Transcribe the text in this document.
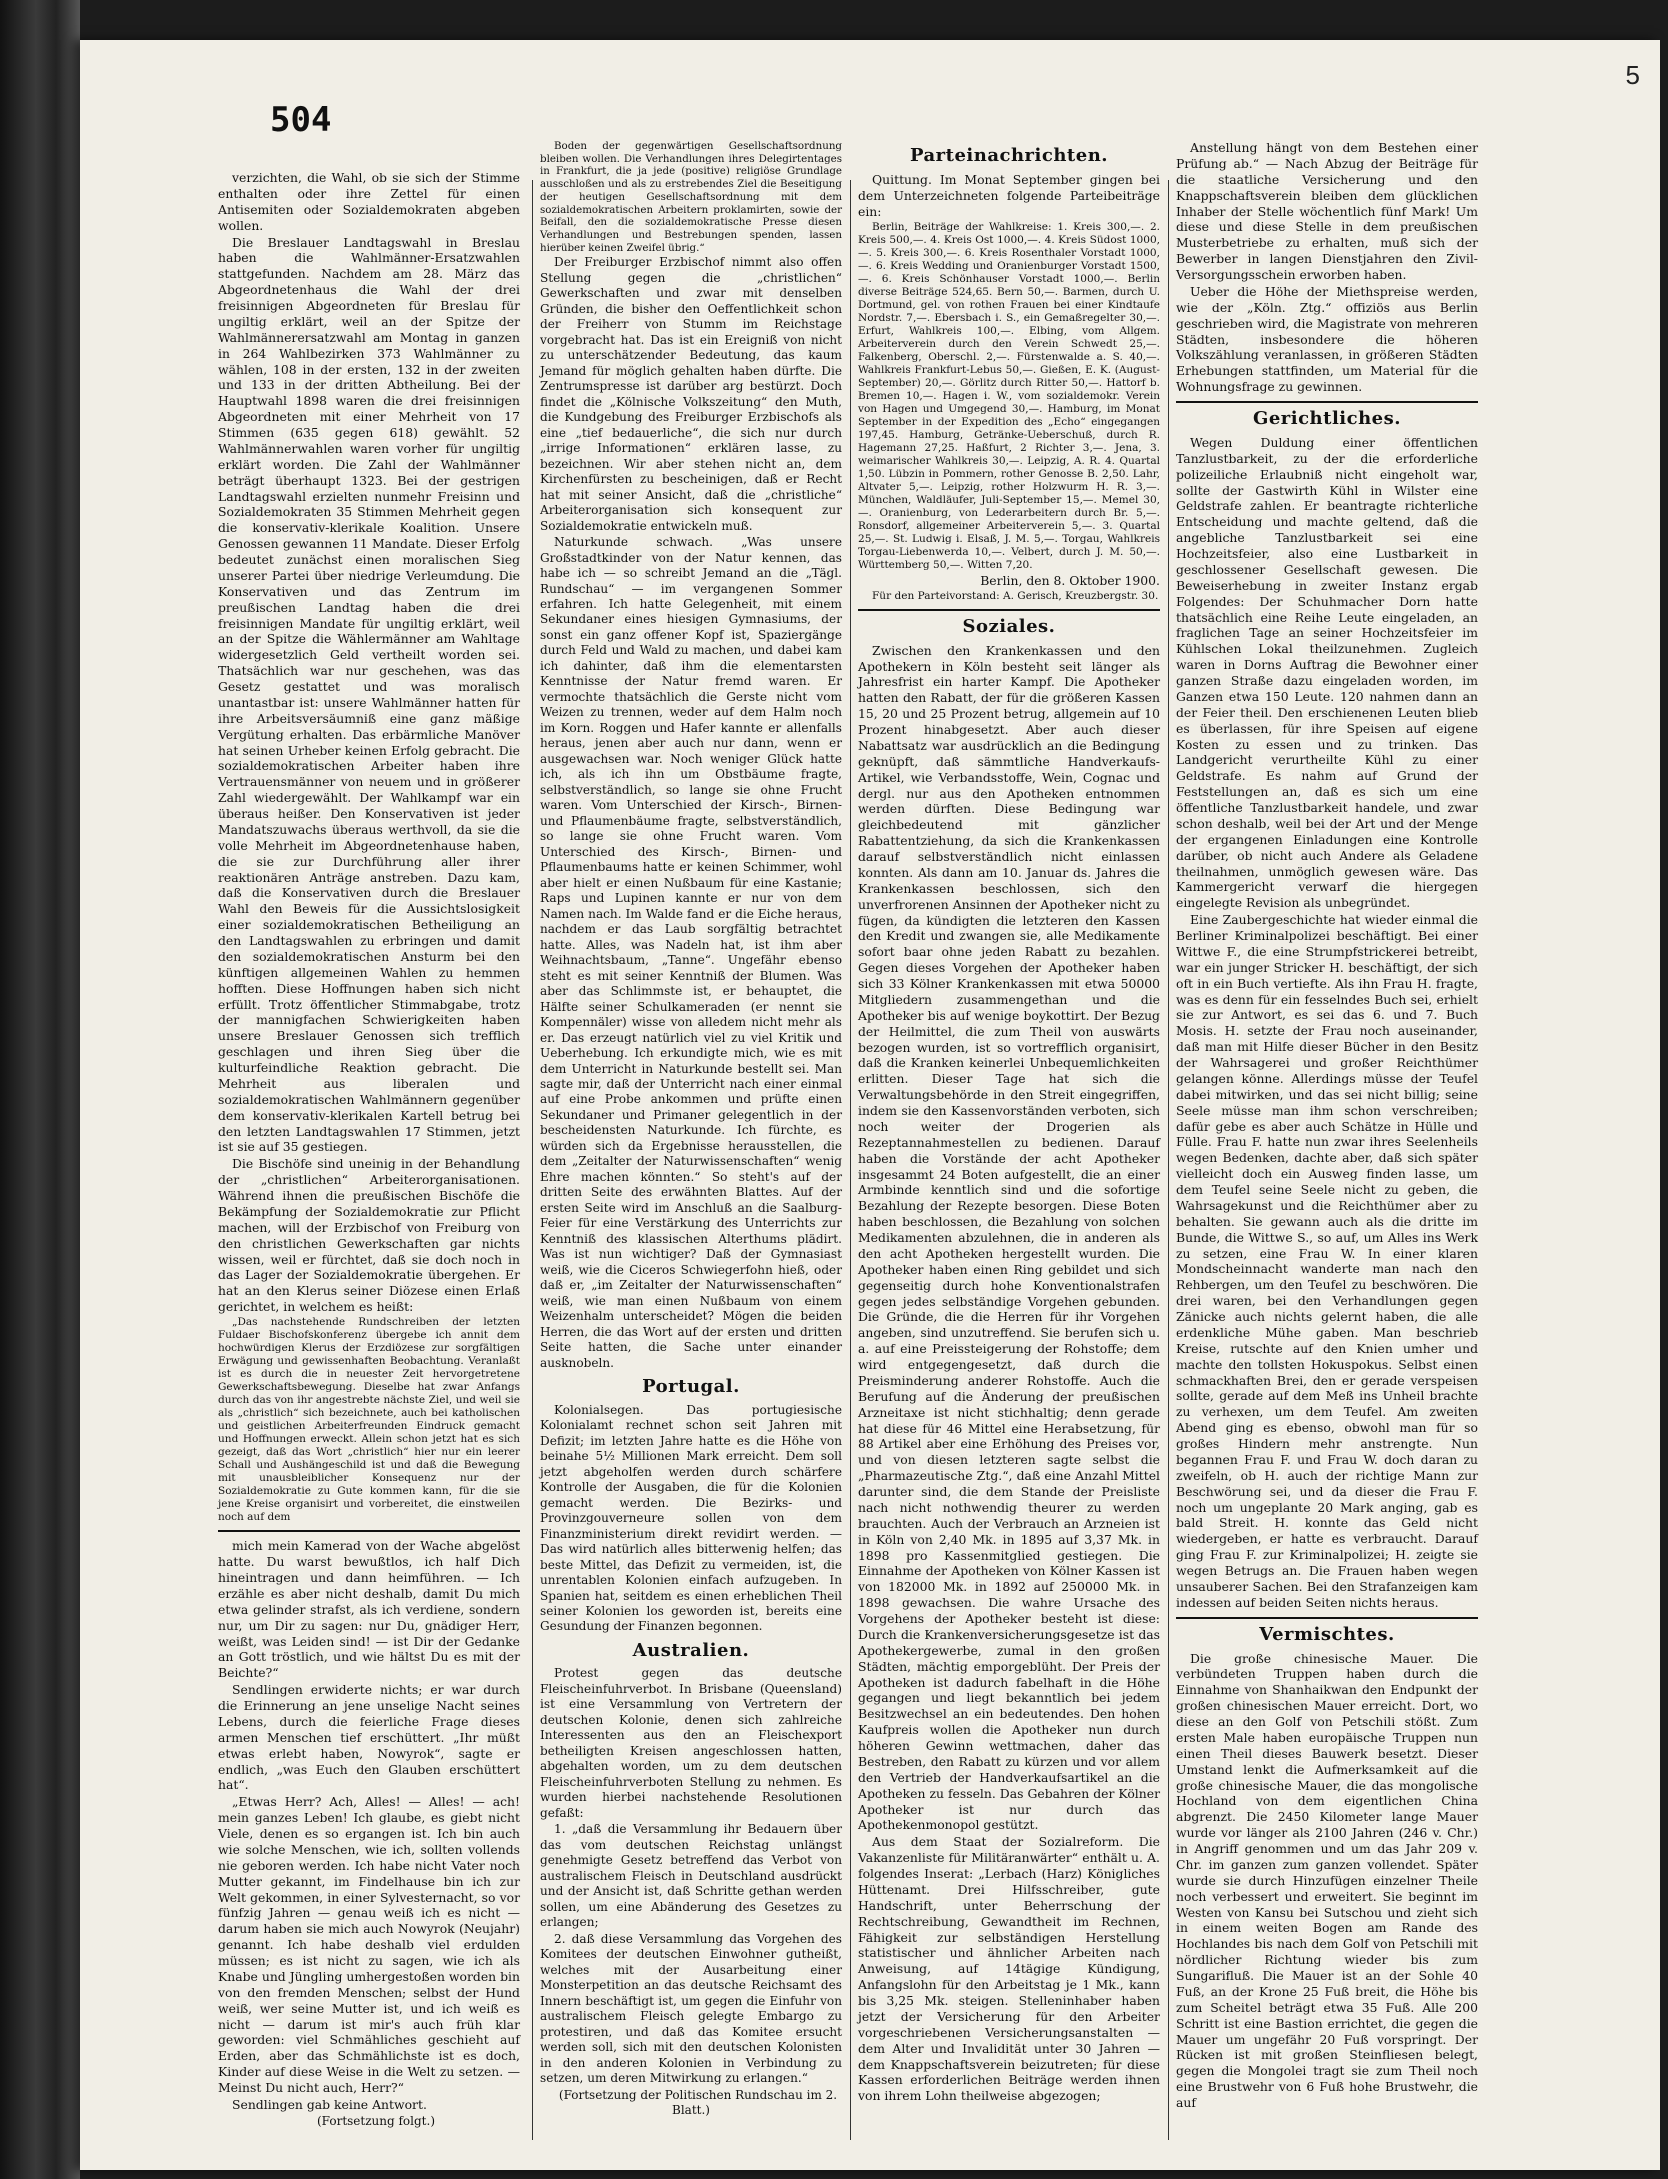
504
5

verzichten, die Wahl, ob sie sich der Stimme enthalten oder ihre Zettel für einen Antisemiten oder Sozialdemokraten abgeben wollen.

Die Breslauer Landtagswahl in Breslau haben die Wahlmänner-Ersatzwahlen stattgefunden. Nachdem am 28. März das Abgeordnetenhaus die Wahl der drei freisinnigen Abgeordneten für Breslau für ungiltig erklärt, weil an der Spitze der Wahlmännerersatzwahl am Montag in ganzen in 264 Wahlbezirken 373 Wahlmänner zu wählen, 108 in der ersten, 132 in der zweiten und 133 in der dritten Abtheilung. Bei der Hauptwahl 1898 waren die drei freisinnigen Abgeordneten mit einer Mehrheit von 17 Stimmen (635 gegen 618) gewählt. 52 Wahlmännerwahlen waren vorher für ungiltig erklärt worden. Die Zahl der Wahlmänner beträgt überhaupt 1323. Bei der gestrigen Landtagswahl erzielten nunmehr Freisinn und Sozialdemokraten 35 Stimmen Mehrheit gegen die konservativ-klerikale Koalition. Unsere Genossen gewannen 11 Mandate. Dieser Erfolg bedeutet zunächst einen moralischen Sieg unserer Partei über niedrige Verleumdung. Die Konservativen und das Zentrum im preußischen Landtag haben die drei freisinnigen Mandate für ungiltig erklärt, weil an der Spitze die Wählermänner am Wahltage widergesetzlich Geld vertheilt worden sei. Thatsächlich war nur geschehen, was das Gesetz gestattet und was moralisch unantastbar ist: unsere Wahlmänner hatten für ihre Arbeitsversäumniß eine ganz mäßige Vergütung erhalten. Das erbärmliche Manöver hat seinen Urheber keinen Erfolg gebracht. Die sozialdemokratischen Arbeiter haben ihre Vertrauensmänner von neuem und in größerer Zahl wiedergewählt. Der Wahlkampf war ein überaus heißer. Den Konservativen ist jeder Mandatszuwachs überaus werthvoll, da sie die volle Mehrheit im Abgeordnetenhause haben, die sie zur Durchführung aller ihrer reaktionären Anträge anstreben. Dazu kam, daß die Konservativen durch die Breslauer Wahl den Beweis für die Aussichtslosigkeit einer sozialdemokratischen Betheiligung an den Landtagswahlen zu erbringen und damit den sozialdemokratischen Ansturm bei den künftigen allgemeinen Wahlen zu hemmen hofften. Diese Hoffnungen haben sich nicht erfüllt. Trotz öffentlicher Stimmabgabe, trotz der mannigfachen Schwierigkeiten haben unsere Breslauer Genossen sich trefflich geschlagen und ihren Sieg über die kulturfeindliche Reaktion gebracht. Die Mehrheit aus liberalen und sozialdemokratischen Wahlmännern gegenüber dem konservativ-klerikalen Kartell betrug bei den letzten Landtagswahlen 17 Stimmen, jetzt ist sie auf 35 gestiegen.

Die Bischöfe sind uneinig in der Behandlung der „christlichen“ Arbeiterorganisationen. Während ihnen die preußischen Bischöfe die Bekämpfung der Sozialdemokratie zur Pflicht machen, will der Erzbischof von Freiburg von den christlichen Gewerkschaften gar nichts wissen, weil er fürchtet, daß sie doch noch in das Lager der Sozialdemokratie übergehen. Er hat an den Klerus seiner Diözese einen Erlaß gerichtet, in welchem es heißt:

„Das nachstehende Rundschreiben der letzten Fuldaer Bischofskonferenz übergebe ich annit dem hochwürdigen Klerus der Erzdiözese zur sorgfältigen Erwägung und gewissenhaften Beobachtung. Veranlaßt ist es durch die in neuester Zeit hervorgetretene Gewerkschaftsbewegung. Dieselbe hat zwar Anfangs durch das von ihr angestrebte nächste Ziel, und weil sie als „christlich“ sich bezeichnete, auch bei katholischen und geistlichen Arbeiterfreunden Eindruck gemacht und Hoffnungen erweckt. Allein schon jetzt hat es sich gezeigt, daß das Wort „christlich“ hier nur ein leerer Schall und Aushängeschild ist und daß die Bewegung mit unausbleiblicher Konsequenz nur der Sozialdemokratie zu Gute kommen kann, für die sie jene Kreise organisirt und vorbereitet, die einstweilen noch auf dem

mich mein Kamerad von der Wache abgelöst hatte. Du warst bewußtlos, ich half Dich hineintragen und dann heimführen. — Ich erzähle es aber nicht deshalb, damit Du mich etwa gelinder strafst, als ich verdiene, sondern nur, um Dir zu sagen: nur Du, gnädiger Herr, weißt, was Leiden sind! — ist Dir der Gedanke an Gott tröstlich, und wie hältst Du es mit der Beichte?“

Sendlingen erwiderte nichts; er war durch die Erinnerung an jene unselige Nacht seines Lebens, durch die feierliche Frage dieses armen Menschen tief erschüttert. „Ihr müßt etwas erlebt haben, Nowyrok“, sagte er endlich, „was Euch den Glauben erschüttert hat“.

„Etwas Herr? Ach, Alles! — Alles! — ach! mein ganzes Leben! Ich glaube, es giebt nicht Viele, denen es so ergangen ist. Ich bin auch wie solche Menschen, wie ich, sollten vollends nie geboren werden. Ich habe nicht Vater noch Mutter gekannt, im Findelhause bin ich zur Welt gekommen, in einer Sylvesternacht, so vor fünfzig Jahren — genau weiß ich es nicht — darum haben sie mich auch Nowyrok (Neujahr) genannt. Ich habe deshalb viel erdulden müssen; es ist nicht zu sagen, wie ich als Knabe und Jüngling umhergestoßen worden bin von den fremden Menschen; selbst der Hund weiß, wer seine Mutter ist, und ich weiß es nicht — darum ist mir's auch früh klar geworden: viel Schmähliches geschieht auf Erden, aber das Schmählichste ist es doch, Kinder auf diese Weise in die Welt zu setzen. — Meinst Du nicht auch, Herr?“

Sendlingen gab keine Antwort.

(Fortsetzung folgt.)

Boden der gegenwärtigen Gesellschaftsordnung bleiben wollen. Die Verhandlungen ihres Delegirtentages in Frankfurt, die ja jede (positive) religiöse Grundlage ausschloßen und als zu erstrebendes Ziel die Beseitigung der heutigen Gesellschaftsordnung mit dem sozialdemokratischen Arbeitern proklamirten, sowie der Beifall, den die sozialdemokratische Presse diesen Verhandlungen und Bestrebungen spenden, lassen hierüber keinen Zweifel übrig.“

Der Freiburger Erzbischof nimmt also offen Stellung gegen die „christlichen“ Gewerkschaften und zwar mit denselben Gründen, die bisher den Oeffentlichkeit schon der Freiherr von Stumm im Reichstage vorgebracht hat. Das ist ein Ereigniß von nicht zu unterschätzender Bedeutung, das kaum Jemand für möglich gehalten haben dürfte. Die Zentrumspresse ist darüber arg bestürzt. Doch findet die „Kölnische Volkszeitung“ den Muth, die Kundgebung des Freiburger Erzbischofs als eine „tief bedauerliche“, die sich nur durch „irrige Informationen“ erklären lasse, zu bezeichnen. Wir aber stehen nicht an, dem Kirchenfürsten zu bescheinigen, daß er Recht hat mit seiner Ansicht, daß die „christliche“ Arbeiterorganisation sich konsequent zur Sozialdemokratie entwickeln muß.

Naturkunde schwach. „Was unsere Großstadtkinder von der Natur kennen, das habe ich — so schreibt Jemand an die „Tägl. Rundschau“ — im vergangenen Sommer erfahren. Ich hatte Gelegenheit, mit einem Sekundaner eines hiesigen Gymnasiums, der sonst ein ganz offener Kopf ist, Spaziergänge durch Feld und Wald zu machen, und dabei kam ich dahinter, daß ihm die elementarsten Kenntnisse der Natur fremd waren. Er vermochte thatsächlich die Gerste nicht vom Weizen zu trennen, weder auf dem Halm noch im Korn. Roggen und Hafer kannte er allenfalls heraus, jenen aber auch nur dann, wenn er ausgewachsen war. Noch weniger Glück hatte ich, als ich ihn um Obstbäume fragte, selbstverständlich, so lange sie ohne Frucht waren. Vom Unterschied der Kirsch-, Birnen- und Pflaumenbäume fragte, selbstverständlich, so lange sie ohne Frucht waren. Vom Unterschied des Kirsch-, Birnen- und Pflaumenbaums hatte er keinen Schimmer, wohl aber hielt er einen Nußbaum für eine Kastanie; Raps und Lupinen kannte er nur von dem Namen nach. Im Walde fand er die Eiche heraus, nachdem er das Laub sorgfältig betrachtet hatte. Alles, was Nadeln hat, ist ihm aber Weihnachtsbaum, „Tanne“. Ungefähr ebenso steht es mit seiner Kenntniß der Blumen. Was aber das Schlimmste ist, er behauptet, die Hälfte seiner Schulkameraden (er nennt sie Kompennäler) wisse von alledem nicht mehr als er. Das erzeugt natürlich viel zu viel Kritik und Ueberhebung. Ich erkundigte mich, wie es mit dem Unterricht in Naturkunde bestellt sei. Man sagte mir, daß der Unterricht nach einer einmal auf eine Probe ankommen und prüfte einen Sekundaner und Primaner gelegentlich in der bescheidensten Naturkunde. Ich fürchte, es würden sich da Ergebnisse herausstellen, die dem „Zeitalter der Naturwissenschaften“ wenig Ehre machen könnten.“ So steht's auf der dritten Seite des erwähnten Blattes. Auf der ersten Seite wird im Anschluß an die Saalburg-Feier für eine Verstärkung des Unterrichts zur Kenntniß des klassischen Alterthums plädirt. Was ist nun wichtiger? Daß der Gymnasiast weiß, wie die Ciceros Schwiegerfohn hieß, oder daß er, „im Zeitalter der Naturwissenschaften“ weiß, wie man einen Nußbaum von einem Weizenhalm unterscheidet? Mögen die beiden Herren, die das Wort auf der ersten und dritten Seite hatten, die Sache unter einander ausknobeln.

Portugal.

Kolonialsegen. Das portugiesische Kolonialamt rechnet schon seit Jahren mit Defizit; im letzten Jahre hatte es die Höhe von beinahe 5½ Millionen Mark erreicht. Dem soll jetzt abgeholfen werden durch schärfere Kontrolle der Ausgaben, die für die Kolonien gemacht werden. Die Bezirks- und Provinzgouverneure sollen von dem Finanzministerium direkt revidirt werden. — Das wird natürlich alles bitterwenig helfen; das beste Mittel, das Defizit zu vermeiden, ist, die unrentablen Kolonien einfach aufzugeben. In Spanien hat, seitdem es einen erheblichen Theil seiner Kolonien los geworden ist, bereits eine Gesundung der Finanzen begonnen.

Australien.

Protest gegen das deutsche Fleischeinfuhrverbot. In Brisbane (Queensland) ist eine Versammlung von Vertretern der deutschen Kolonie, denen sich zahlreiche Interessenten aus den an Fleischexport betheiligten Kreisen angeschlossen hatten, abgehalten worden, um zu dem deutschen Fleischeinfuhrverboten Stellung zu nehmen. Es wurden hierbei nachstehende Resolutionen gefaßt:

1. „daß die Versammlung ihr Bedauern über das vom deutschen Reichstag unlängst genehmigte Gesetz betreffend das Verbot von australischem Fleisch in Deutschland ausdrückt und der Ansicht ist, daß Schritte gethan werden sollen, um eine Abänderung des Gesetzes zu erlangen;

2. daß diese Versammlung das Vorgehen des Komitees der deutschen Einwohner gutheißt, welches mit der Ausarbeitung einer Monsterpetition an das deutsche Reichsamt des Innern beschäftigt ist, um gegen die Einfuhr von australischem Fleisch gelegte Embargo zu protestiren, und daß das Komitee ersucht werden soll, sich mit den deutschen Kolonisten in den anderen Kolonien in Verbindung zu setzen, um deren Mitwirkung zu erlangen.“

(Fortsetzung der Politischen Rundschau im 2. Blatt.)

Parteinachrichten.

Quittung. Im Monat September gingen bei dem Unterzeichneten folgende Parteibeiträge ein:

Berlin, Beiträge der Wahlkreise: 1. Kreis 300,—. 2. Kreis 500,—. 4. Kreis Ost 1000,—. 4. Kreis Südost 1000,—. 5. Kreis 300,—. 6. Kreis Rosenthaler Vorstadt 1000,—. 6. Kreis Wedding und Oranienburger Vorstadt 1500,—. 6. Kreis Schönhauser Vorstadt 1000,—. Berlin diverse Beiträge 524,65. Bern 50,—. Barmen, durch U. Dortmund, gel. von rothen Frauen bei einer Kindtaufe Nordstr. 7,—. Ebersbach i. S., ein Gemaßregelter 30,—. Erfurt, Wahlkreis 100,—. Elbing, vom Allgem. Arbeiterverein durch den Verein Schwedt 25,—. Falkenberg, Oberschl. 2,—. Fürstenwalde a. S. 40,—. Wahlkreis Frankfurt-Lebus 50,—. Gießen, E. K. (August-September) 20,—. Görlitz durch Ritter 50,—. Hattorf b. Bremen 10,—. Hagen i. W., vom sozialdemokr. Verein von Hagen und Umgegend 30,—. Hamburg, im Monat September in der Expedition des „Echo“ eingegangen 197,45. Hamburg, Getränke-Ueberschuß, durch R. Hagemann 27,25. Haßfurt, 2 Richter 3,—. Jena, 3. weimarischer Wahlkreis 30,—. Leipzig, A. R. 4. Quartal 1,50. Lübzin in Pommern, rother Genosse B. 2,50. Lahr, Altvater 5,—. Leipzig, rother Holzwurm H. R. 3,—. München, Waldläufer, Juli-September 15,—. Memel 30,—. Oranienburg, von Lederarbeitern durch Br. 5,—. Ronsdorf, allgemeiner Arbeiterverein 5,—. 3. Quartal 25,—. St. Ludwig i. Elsaß, J. M. 5,—. Torgau, Wahlkreis Torgau-Liebenwerda 10,—. Velbert, durch J. M. 50,—. Württemberg 50,—. Witten 7,20.

Berlin, den 8. Oktober 1900.

Für den Parteivorstand: A. Gerisch, Kreuzbergstr. 30.

Soziales.

Zwischen den Krankenkassen und den Apothekern in Köln besteht seit länger als Jahresfrist ein harter Kampf. Die Apotheker hatten den Rabatt, der für die größeren Kassen 15, 20 und 25 Prozent betrug, allgemein auf 10 Prozent hinabgesetzt. Aber auch dieser Nabattsatz war ausdrücklich an die Bedingung geknüpft, daß sämmtliche Handverkaufs-Artikel, wie Verbandsstoffe, Wein, Cognac und dergl. nur aus den Apotheken entnommen werden dürften. Diese Bedingung war gleichbedeutend mit gänzlicher Rabattentziehung, da sich die Krankenkassen darauf selbstverständlich nicht einlassen konnten. Als dann am 10. Januar ds. Jahres die Krankenkassen beschlossen, sich den unverfrorenen Ansinnen der Apotheker nicht zu fügen, da kündigten die letzteren den Kassen den Kredit und zwangen sie, alle Medikamente sofort baar ohne jeden Rabatt zu bezahlen. Gegen dieses Vorgehen der Apotheker haben sich 33 Kölner Krankenkassen mit etwa 50000 Mitgliedern zusammengethan und die Apotheker bis auf wenige boykottirt. Der Bezug der Heilmittel, die zum Theil von auswärts bezogen wurden, ist so vortrefflich organisirt, daß die Kranken keinerlei Unbequemlichkeiten erlitten. Dieser Tage hat sich die Verwaltungsbehörde in den Streit eingegriffen, indem sie den Kassenvorständen verboten, sich noch weiter der Drogerien als Rezeptannahmestellen zu bedienen. Darauf haben die Vorstände der acht Apotheker insgesammt 24 Boten aufgestellt, die an einer Armbinde kenntlich sind und die sofortige Bezahlung der Rezepte besorgen. Diese Boten haben beschlossen, die Bezahlung von solchen Medikamenten abzulehnen, die in anderen als den acht Apotheken hergestellt wurden. Die Apotheker haben einen Ring gebildet und sich gegenseitig durch hohe Konventionalstrafen gegen jedes selbständige Vorgehen gebunden. Die Gründe, die die Herren für ihr Vorgehen angeben, sind unzutreffend. Sie berufen sich u. a. auf eine Preissteigerung der Rohstoffe; dem wird entgegengesetzt, daß durch die Preisminderung anderer Rohstoffe. Auch die Berufung auf die Änderung der preußischen Arzneitaxe ist nicht stichhaltig; denn gerade hat diese für 46 Mittel eine Herabsetzung, für 88 Artikel aber eine Erhöhung des Preises vor, und von diesen letzteren sagte selbst die „Pharmazeutische Ztg.“, daß eine Anzahl Mittel darunter sind, die dem Stande der Preisliste nach nicht nothwendig theurer zu werden brauchten. Auch der Verbrauch an Arzneien ist in Köln von 2,40 Mk. in 1895 auf 3,37 Mk. in 1898 pro Kassenmitglied gestiegen. Die Einnahme der Apotheken von Kölner Kassen ist von 182000 Mk. in 1892 auf 250000 Mk. in 1898 gewachsen. Die wahre Ursache des Vorgehens der Apotheker besteht ist diese: Durch die Krankenversicherungsgesetze ist das Apothekergewerbe, zumal in den großen Städten, mächtig emporgeblüht. Der Preis der Apotheken ist dadurch fabelhaft in die Höhe gegangen und liegt bekanntlich bei jedem Besitzwechsel an ein bedeutendes. Den hohen Kaufpreis wollen die Apotheker nun durch höheren Gewinn wettmachen, daher das Bestreben, den Rabatt zu kürzen und vor allem den Vertrieb der Handverkaufsartikel an die Apotheken zu fesseln. Das Gebahren der Kölner Apotheker ist nur durch das Apothekenmonopol gestützt.

Aus dem Staat der Sozialreform. Die Vakanzenliste für Militäranwärter“ enthält u. A. folgendes Inserat: „Lerbach (Harz) Königliches Hüttenamt. Drei Hilfsschreiber, gute Handschrift, unter Beherrschung der Rechtschreibung, Gewandtheit im Rechnen, Fähigkeit zur selbständigen Herstellung statistischer und ähnlicher Arbeiten nach Anweisung, auf 14tägige Kündigung, Anfangslohn für den Arbeitstag je 1 Mk., kann bis 3,25 Mk. steigen. Stelleninhaber haben jetzt der Versicherung für den Arbeiter vorgeschriebenen Versicherungsanstalten — dem Alter und Invalidität unter 30 Jahren — dem Knappschaftsverein beizutreten; für diese Kassen erforderlichen Beiträge werden ihnen von ihrem Lohn theilweise abgezogen;

Anstellung hängt von dem Bestehen einer Prüfung ab.“ — Nach Abzug der Beiträge für die staatliche Versicherung und den Knappschaftsverein bleiben dem glücklichen Inhaber der Stelle wöchentlich fünf Mark! Um diese und diese Stelle in dem preußischen Musterbetriebe zu erhalten, muß sich der Bewerber in langen Dienstjahren den Zivil-Versorgungsschein erworben haben.

Ueber die Höhe der Miethspreise werden, wie der „Köln. Ztg.“ offiziös aus Berlin geschrieben wird, die Magistrate von mehreren Städten, insbesondere die höheren Volkszählung veranlassen, in größeren Städten Erhebungen stattfinden, um Material für die Wohnungsfrage zu gewinnen.

Gerichtliches.

Wegen Duldung einer öffentlichen Tanzlustbarkeit, zu der die erforderliche polizeiliche Erlaubniß nicht eingeholt war, sollte der Gastwirth Kühl in Wilster eine Geldstrafe zahlen. Er beantragte richterliche Entscheidung und machte geltend, daß die angebliche Tanzlustbarkeit sei eine Hochzeitsfeier, also eine Lustbarkeit in geschlossener Gesellschaft gewesen. Die Beweiserhebung in zweiter Instanz ergab Folgendes: Der Schuhmacher Dorn hatte thatsächlich eine Reihe Leute eingeladen, an fraglichen Tage an seiner Hochzeitsfeier im Kühlschen Lokal theilzunehmen. Zugleich waren in Dorns Auftrag die Bewohner einer ganzen Straße dazu eingeladen worden, im Ganzen etwa 150 Leute. 120 nahmen dann an der Feier theil. Den erschienenen Leuten blieb es überlassen, für ihre Speisen auf eigene Kosten zu essen und zu trinken. Das Landgericht verurtheilte Kühl zu einer Geldstrafe. Es nahm auf Grund der Feststellungen an, daß es sich um eine öffentliche Tanzlustbarkeit handele, und zwar schon deshalb, weil bei der Art und der Menge der ergangenen Einladungen eine Kontrolle darüber, ob nicht auch Andere als Geladene theilnahmen, unmöglich gewesen wäre. Das Kammergericht verwarf die hiergegen eingelegte Revision als unbegründet.

Eine Zaubergeschichte hat wieder einmal die Berliner Kriminalpolizei beschäftigt. Bei einer Wittwe F., die eine Strumpfstrickerei betreibt, war ein junger Stricker H. beschäftigt, der sich oft in ein Buch vertiefte. Als ihn Frau H. fragte, was es denn für ein fesselndes Buch sei, erhielt sie zur Antwort, es sei das 6. und 7. Buch Mosis. H. setzte der Frau noch auseinander, daß man mit Hilfe dieser Bücher in den Besitz der Wahrsagerei und großer Reichthümer gelangen könne. Allerdings müsse der Teufel dabei mitwirken, und das sei nicht billig; seine Seele müsse man ihm schon verschreiben; dafür gebe es aber auch Schätze in Hülle und Fülle. Frau F. hatte nun zwar ihres Seelenheils wegen Bedenken, dachte aber, daß sich später vielleicht doch ein Ausweg finden lasse, um dem Teufel seine Seele nicht zu geben, die Wahrsagekunst und die Reichthümer aber zu behalten. Sie gewann auch als die dritte im Bunde, die Wittwe S., so auf, um Alles ins Werk zu setzen, eine Frau W. In einer klaren Mondscheinnacht wanderte man nach den Rehbergen, um den Teufel zu beschwören. Die drei waren, bei den Verhandlungen gegen Zänicke auch nichts gelernt haben, die alle erdenkliche Mühe gaben. Man beschrieb Kreise, rutschte auf den Knien umher und machte den tollsten Hokuspokus. Selbst einen schmackhaften Brei, den er gerade verspeisen sollte, gerade auf dem Meß ins Unheil brachte zu verhexen, um dem Teufel. Am zweiten Abend ging es ebenso, obwohl man für so großes Hindern mehr anstrengte. Nun begannen Frau F. und Frau W. doch daran zu zweifeln, ob H. auch der richtige Mann zur Beschwörung sei, und da dieser die Frau F. noch um ungeplante 20 Mark anging, gab es bald Streit. H. konnte das Geld nicht wiedergeben, er hatte es verbraucht. Darauf ging Frau F. zur Kriminalpolizei; H. zeigte sie wegen Betrugs an. Die Frauen haben wegen unsauberer Sachen. Bei den Strafanzeigen kam indessen auf beiden Seiten nichts heraus.

Vermischtes.

Die große chinesische Mauer. Die verbündeten Truppen haben durch die Einnahme von Shanhaikwan den Endpunkt der großen chinesischen Mauer erreicht. Dort, wo diese an den Golf von Petschili stößt. Zum ersten Male haben europäische Truppen nun einen Theil dieses Bauwerk besetzt. Dieser Umstand lenkt die Aufmerksamkeit auf die große chinesische Mauer, die das mongolische Hochland von dem eigentlichen China abgrenzt. Die 2450 Kilometer lange Mauer wurde vor länger als 2100 Jahren (246 v. Chr.) in Angriff genommen und um das Jahr 209 v. Chr. im ganzen zum ganzen vollendet. Später wurde sie durch Hinzufügen einzelner Theile noch verbessert und erweitert. Sie beginnt im Westen von Kansu bei Sutschou und zieht sich in einem weiten Bogen am Rande des Hochlandes bis nach dem Golf von Petschili mit nördlicher Richtung wieder bis zum Sungarifluß. Die Mauer ist an der Sohle 40 Fuß, an der Krone 25 Fuß breit, die Höhe bis zum Scheitel beträgt etwa 35 Fuß. Alle 200 Schritt ist eine Bastion errichtet, die gegen die Mauer um ungefähr 20 Fuß vorspringt. Der Rücken ist mit großen Steinfliesen belegt, gegen die Mongolei tragt sie zum Theil noch eine Brustwehr von 6 Fuß hohe Brustwehr, die auf
